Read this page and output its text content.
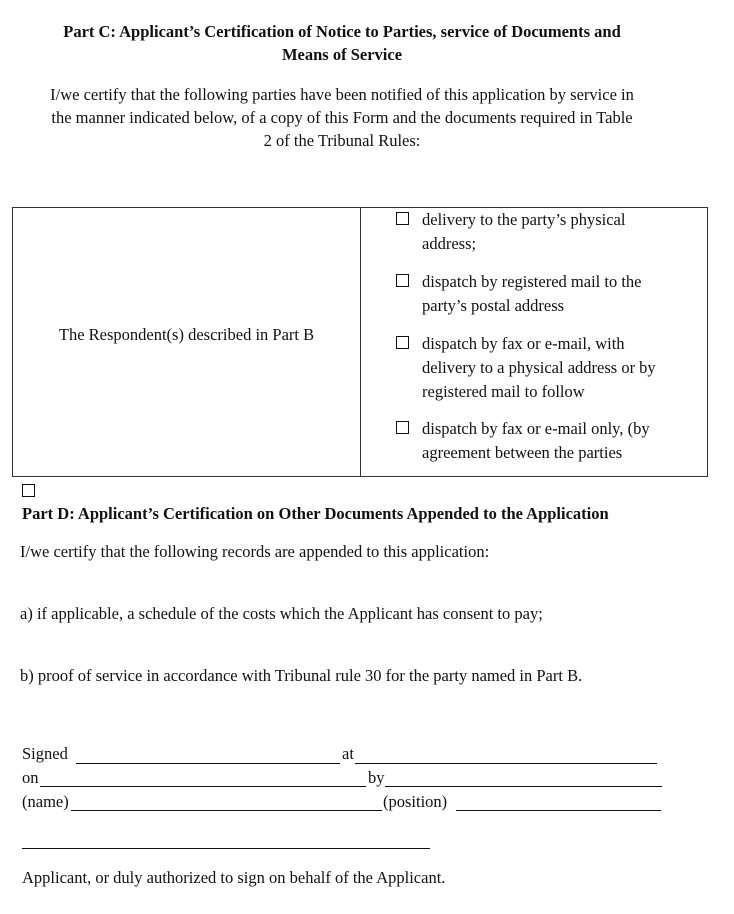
Part C: Applicant’s Certification of Notice to Parties, service of Documents and
Means of Service
I/we certify that the following parties have been notified of this application by service in
the manner indicated below, of a copy of this Form and the documents required in Table
2 of the Tribunal Rules:
The Respondent(s) described in Part B
delivery to the party’s physical
address;
dispatch by registered mail to the
party’s postal address
dispatch by fax or e-mail, with
delivery to a physical address or by
registered mail to follow
dispatch by fax or e-mail only, (by
agreement between the parties
Part D: Applicant’s Certification on Other Documents Appended to the Application
I/we certify that the following records are appended to this application:
a) if applicable, a schedule of the costs which the Applicant has consent to pay;
b) proof of service in accordance with Tribunal rule 30 for the party named in Part B.
Signed	at
on	by
(name)	(position)
Applicant, or duly authorized to sign on behalf of the Applicant.
